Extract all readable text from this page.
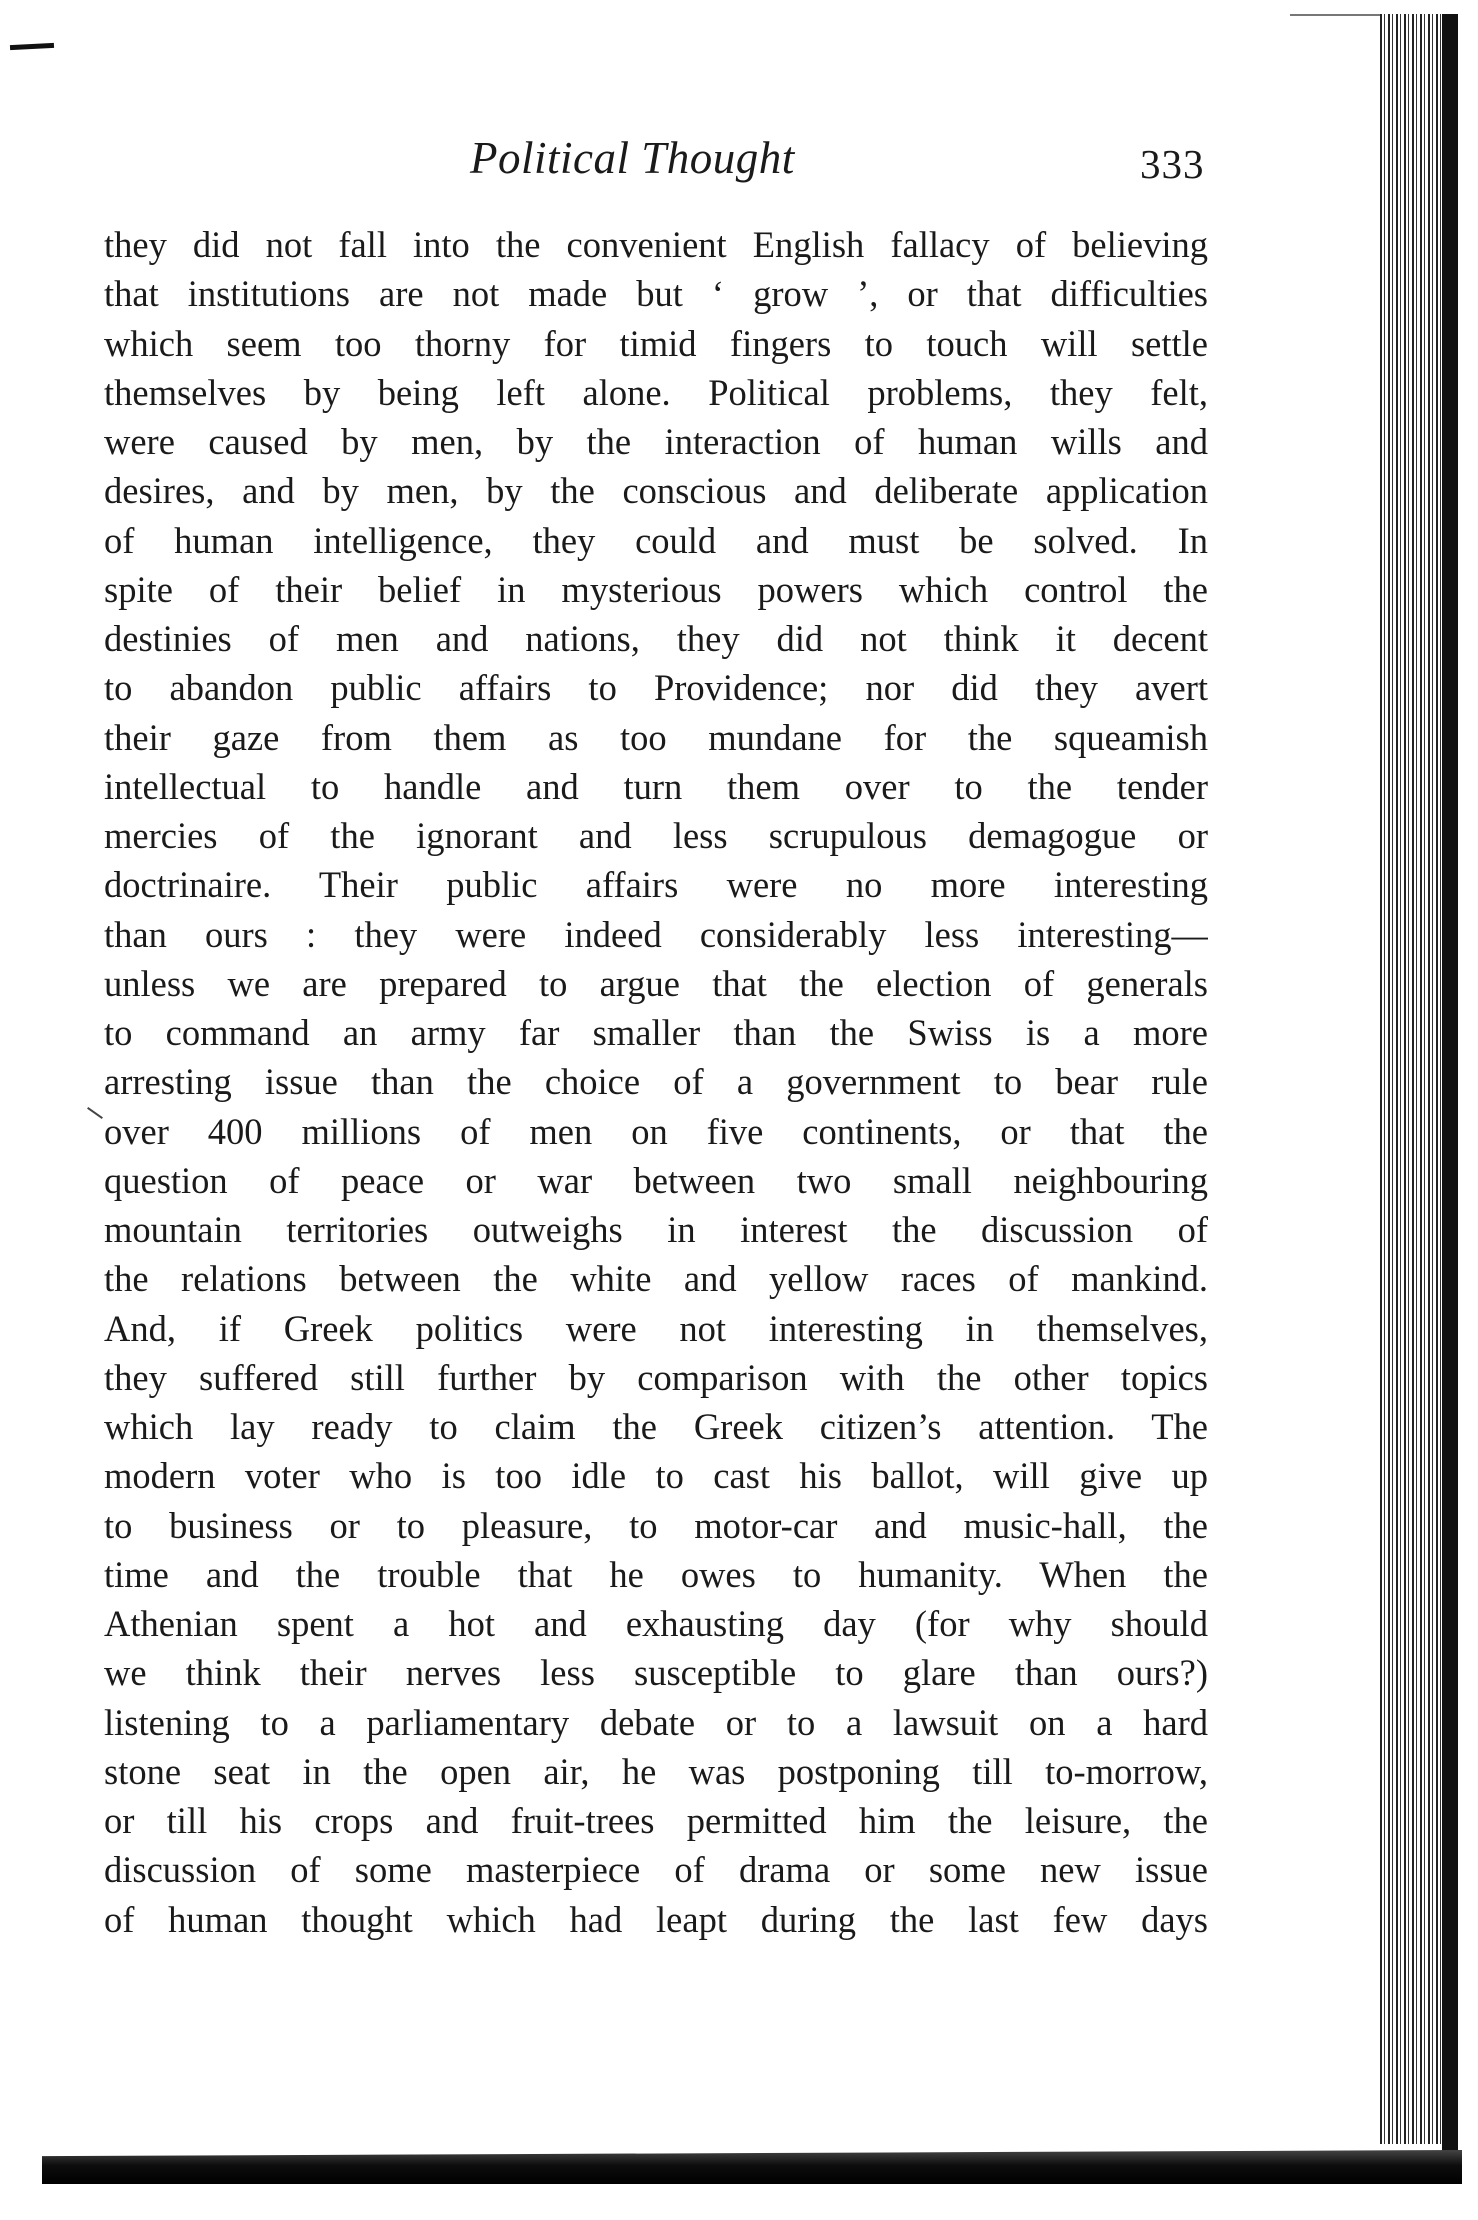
Political Thought	333
they did not fall into the convenient English fallacy of believing
that institutions are not made but ‘ grow ’, or that difficulties
which seem too thorny for timid fingers to touch will settle
themselves by being left alone. Political problems, they felt,
were caused by men, by the interaction of human wills and
desires, and by men, by the conscious and deliberate application
of human intelligence, they could and must be solved. In
spite of their belief in mysterious powers which control the
destinies of men and nations, they did not think it decent
to abandon public affairs to Providence; nor did they avert
their gaze from them as too mundane for the squeamish
intellectual to handle and turn them over to the tender
mercies of the ignorant and less scrupulous demagogue or
doctrinaire. Their public affairs were no more interesting
than ours : they were indeed considerably less interesting—
unless we are prepared to argue that the election of generals
to command an army far smaller than the Swiss is a more
arresting issue than the choice of a government to bear rule
over 400 millions of men on five continents, or that the
question of peace or war between two small neighbouring
mountain territories outweighs in interest the discussion of
the relations between the white and yellow races of mankind.
And, if Greek politics were not interesting in themselves,
they suffered still further by comparison with the other topics
which lay ready to claim the Greek citizen’s attention. The
modern voter who is too idle to cast his ballot, will give up
to business or to pleasure, to motor-car and music-hall, the
time and the trouble that he owes to humanity. When the
Athenian spent a hot and exhausting day (for why should
we think their nerves less susceptible to glare than ours?)
listening to a parliamentary debate or to a lawsuit on a hard
stone seat in the open air, he was postponing till to-morrow,
or till his crops and fruit-trees permitted him the leisure, the
discussion of some masterpiece of drama or some new issue
of human thought which had leapt during the last few days
